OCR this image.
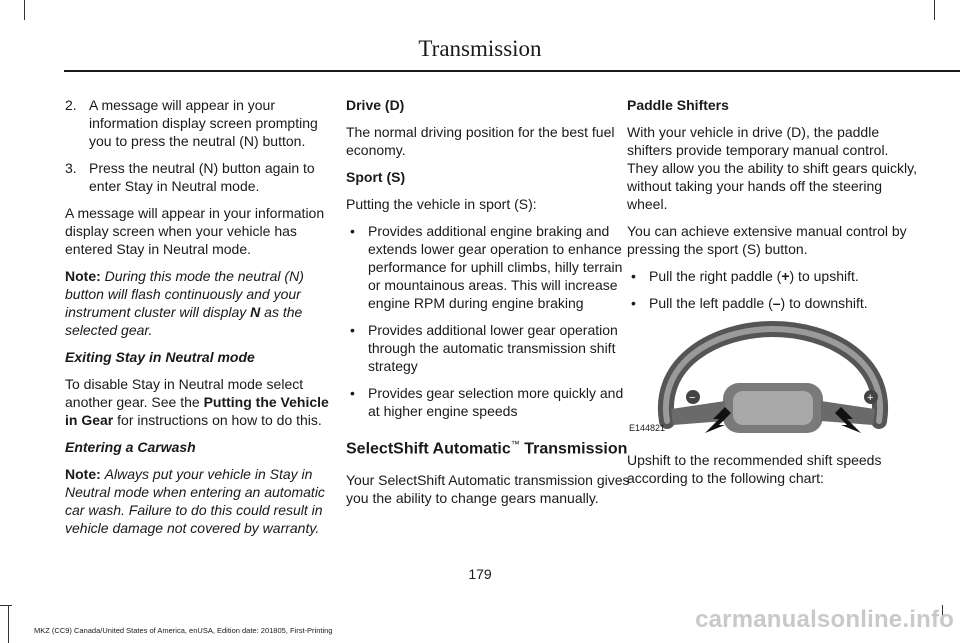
Transmission
2. A message will appear in your information display screen prompting you to press the neutral (N) button.
3. Press the neutral (N) button again to enter Stay in Neutral mode.

A message will appear in your information display screen when your vehicle has entered Stay in Neutral mode.

Note: During this mode the neutral (N) button will flash continuously and your instrument cluster will display N as the selected gear.

Exiting Stay in Neutral mode

To disable Stay in Neutral mode select another gear. See the Putting the Vehicle in Gear for instructions on how to do this.

Entering a Carwash

Note: Always put your vehicle in Stay in Neutral mode when entering an automatic car wash. Failure to do this could result in vehicle damage not covered by warranty.

Drive (D)

The normal driving position for the best fuel economy.

Sport (S)

Putting the vehicle in sport (S):

• Provides additional engine braking and extends lower gear operation to enhance performance for uphill climbs, hilly terrain or mountainous areas. This will increase engine RPM during engine braking
• Provides additional lower gear operation through the automatic transmission shift strategy
• Provides gear selection more quickly and at higher engine speeds
SelectShift Automatic™ Transmission

Your SelectShift Automatic transmission gives you the ability to change gears manually.

Paddle Shifters

With your vehicle in drive (D), the paddle shifters provide temporary manual control. They allow you the ability to shift gears quickly, without taking your hands off the steering wheel.

You can achieve extensive manual control by pressing the sport (S) button.

• Pull the right paddle (+) to upshift.
• Pull the left paddle (–) to downshift.
−	+
E144821

Upshift to the recommended shift speeds according to the following chart:

179
MKZ (CC9) Canada/United States of America, enUSA, Edition date: 201805, First-Printing	carmanualsonline.info
